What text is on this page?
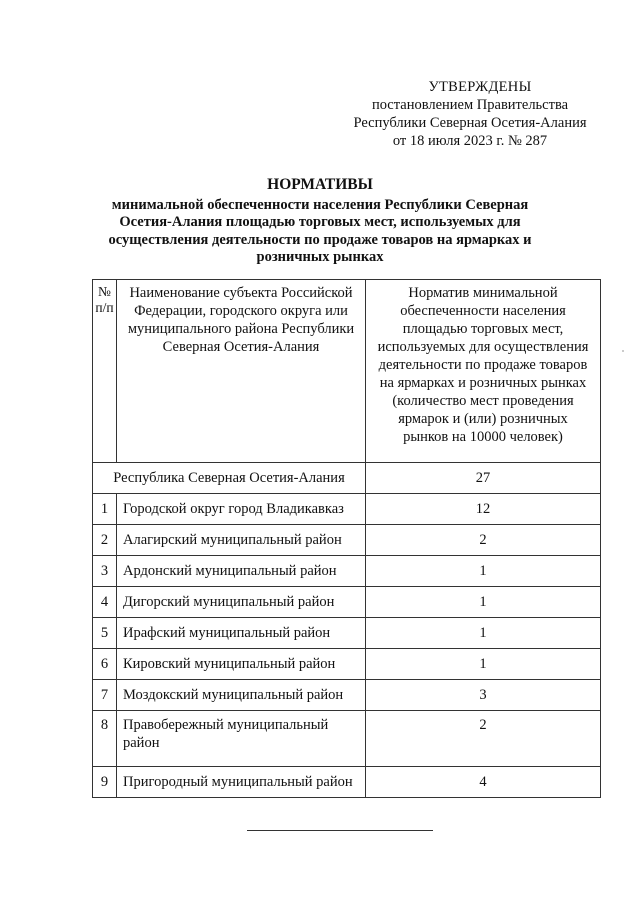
УТВЕРЖДЕНЫ
постановлением Правительства
Республики Северная Осетия-Алания
от 18 июля 2023 г. № 287
НОРМАТИВЫ
минимальной обеспеченности населения Республики Северная
Осетия-Алания площадью торговых мест, используемых для
осуществления деятельности по продаже товаров на ярмарках и
розничных рынках
№ п/п	Наименование субъекта Российской Федерации, городского округа или муниципального района Республики Северная Осетия-Алания	Норматив минимальной обеспеченности населения площадью торговых мест, используемых для осуществления деятельности по продаже товаров на ярмарках и розничных рынках (количество мест проведения ярмарок и (или) розничных рынков на 10000 человек)
Республика Северная Осетия-Алания		27
1	Городской округ город Владикавказ	12
2	Алагирский муниципальный район	2
3	Ардонский муниципальный район	1
4	Дигорский муниципальный район	1
5	Ирафский муниципальный район	1
6	Кировский муниципальный район	1
7	Моздокский муниципальный район	3
8	Правобережный муниципальный район	2
9	Пригородный муниципальный район	4
